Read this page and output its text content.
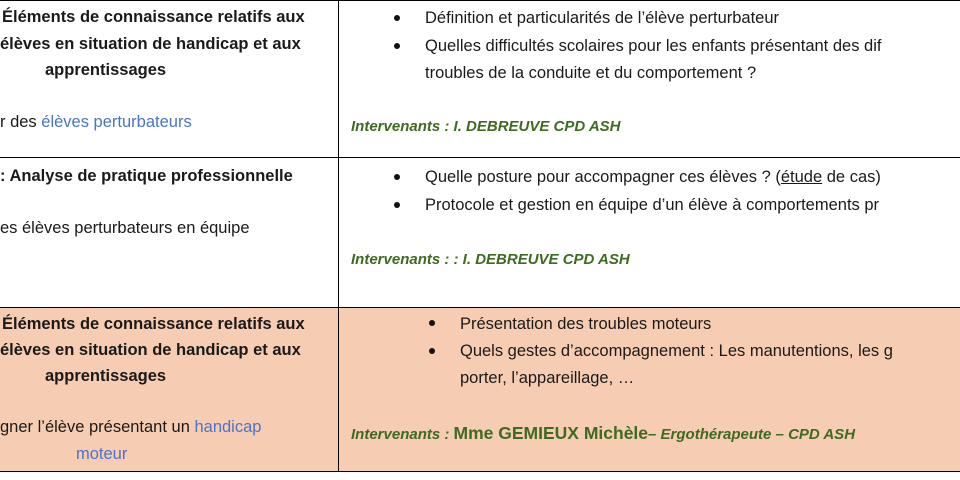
Éléments de connaissance relatifs aux
élèves en situation de handicap et aux
apprentissages
r des élèves perturbateurs
Définition et particularités de l’élève perturbateur
Quelles difficultés scolaires pour les enfants présentant des dif
troubles de la conduite et du comportement ?
Intervenants : I. DEBREUVE CPD ASH
: Analyse de pratique professionnelle
es élèves perturbateurs en équipe
Quelle posture pour accompagner ces élèves ? (étude de cas)
Protocole et gestion en équipe d’un élève à comportements pr
Intervenants : : I. DEBREUVE CPD ASH
Éléments de connaissance relatifs aux
élèves en situation de handicap et aux
apprentissages
gner l’élève présentant un handicap
moteur
Présentation des troubles moteurs
Quels gestes d’accompagnement : Les manutentions, les g
porter, l’appareillage, …
Intervenants : Mme GEMIEUX Michèle– Ergothérapeute – CPD ASH
